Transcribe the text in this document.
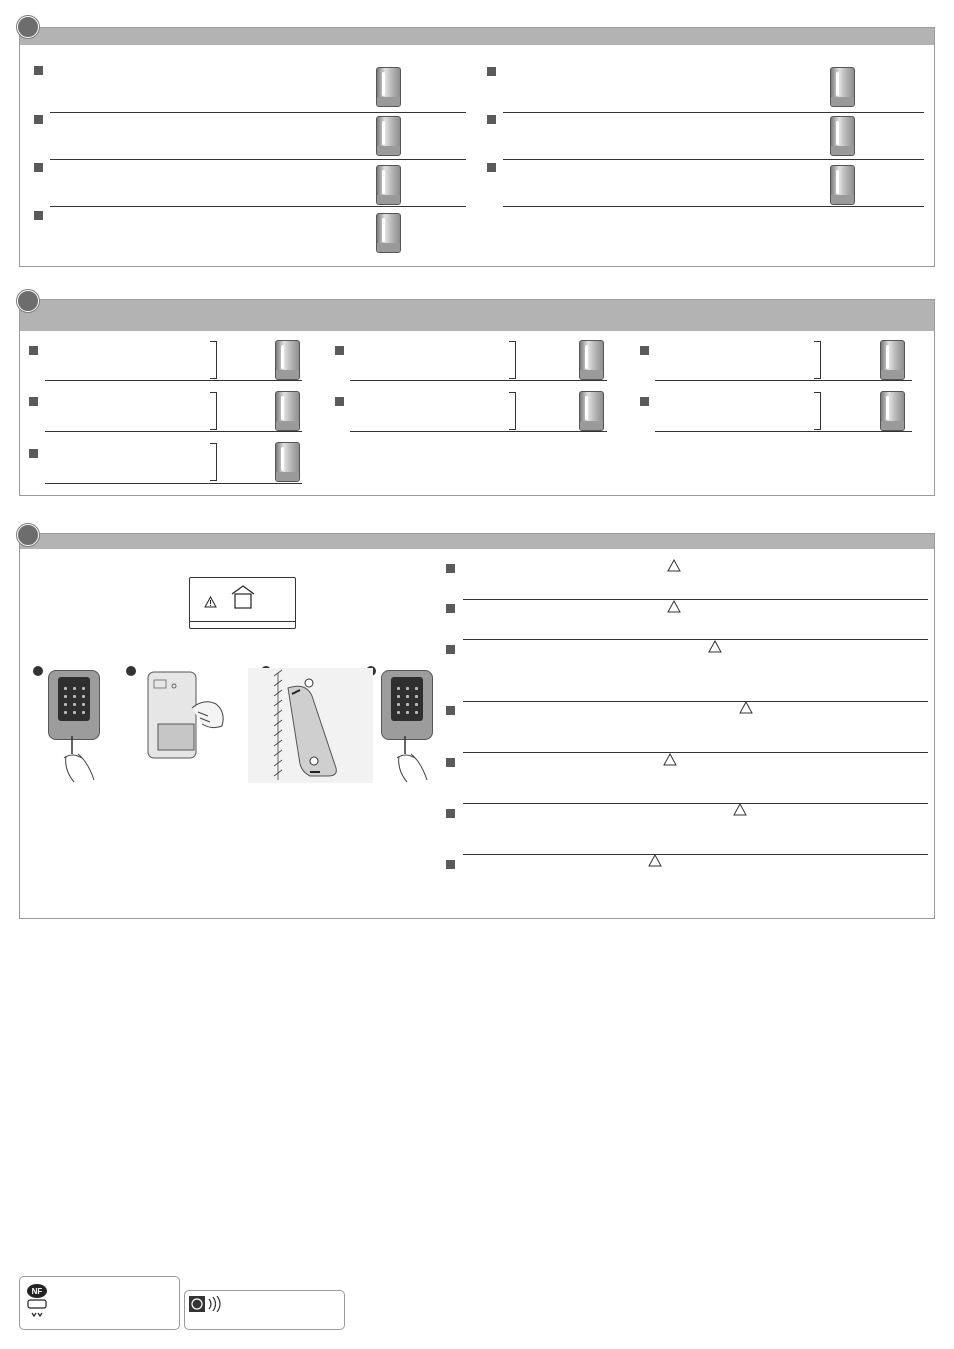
NF
